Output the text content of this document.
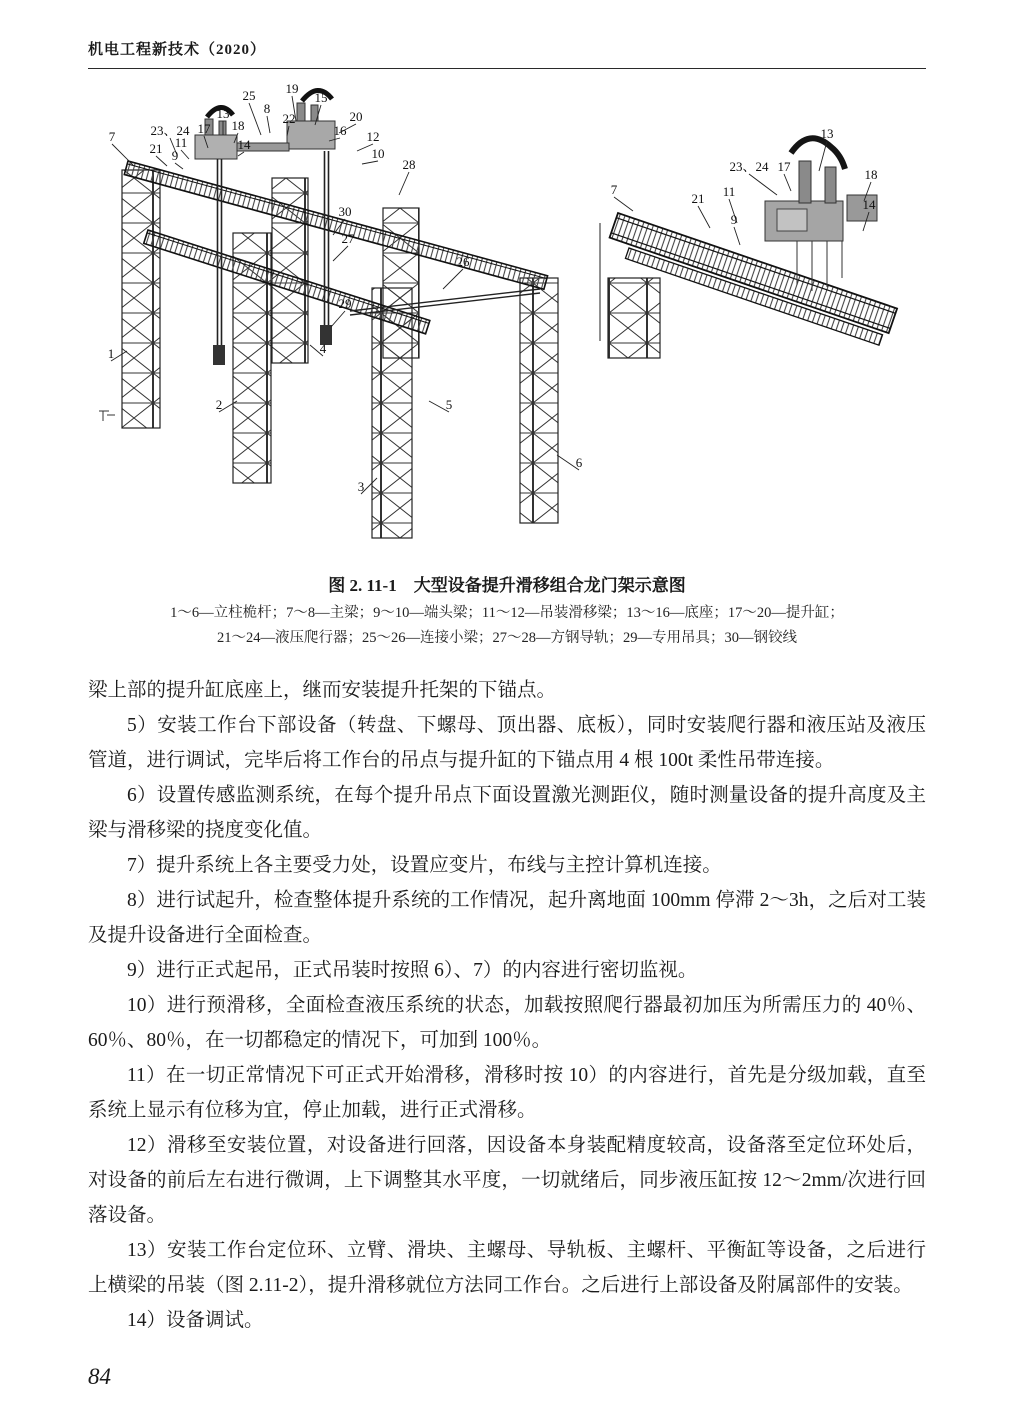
机电工程新技术（2020）
7	23、24 17
11
21 9
13
18
14
25
8
22
19
15
20
16 12
10
28
30
27
26
29
1
2
4
3
5
6
13
23、24 17
18
7
21 11
9
14
图 2. 11-1　大型设备提升滑移组合龙门架示意图
1～6—立柱桅杆；7～8—主梁；9～10—端头梁；11～12—吊装滑移梁；13～16—底座；17～20—提升缸；
21～24—液压爬行器；25～26—连接小梁；27～28—方钢导轨；29—专用吊具；30—钢铰线

梁上部的提升缸底座上，继而安装提升托架的下锚点。

5）安装工作台下部设备（转盘、下螺母、顶出器、底板），同时安装爬行器和液压站及液压管道，进行调试，完毕后将工作台的吊点与提升缸的下锚点用 4 根 100t 柔性吊带连接。

6）设置传感监测系统，在每个提升吊点下面设置激光测距仪，随时测量设备的提升高度及主梁与滑移梁的挠度变化值。

7）提升系统上各主要受力处，设置应变片，布线与主控计算机连接。

8）进行试起升，检查整体提升系统的工作情况，起升离地面 100mm 停滞 2～3h，之后对工装及提升设备进行全面检查。

9）进行正式起吊，正式吊装时按照 6）、7）的内容进行密切监视。

10）进行预滑移，全面检查液压系统的状态，加载按照爬行器最初加压为所需压力的 40％、60％、80％，在一切都稳定的情况下，可加到 100％。

11）在一切正常情况下可正式开始滑移，滑移时按 10）的内容进行，首先是分级加载，直至系统上显示有位移为宜，停止加载，进行正式滑移。

12）滑移至安装位置，对设备进行回落，因设备本身装配精度较高，设备落至定位环处后，对设备的前后左右进行微调，上下调整其水平度，一切就绪后，同步液压缸按 12～2mm/次进行回落设备。

13）安装工作台定位环、立臂、滑块、主螺母、导轨板、主螺杆、平衡缸等设备，之后进行上横梁的吊装（图 2.11-2），提升滑移就位方法同工作台。之后进行上部设备及附属部件的安装。

14）设备调试。

84
